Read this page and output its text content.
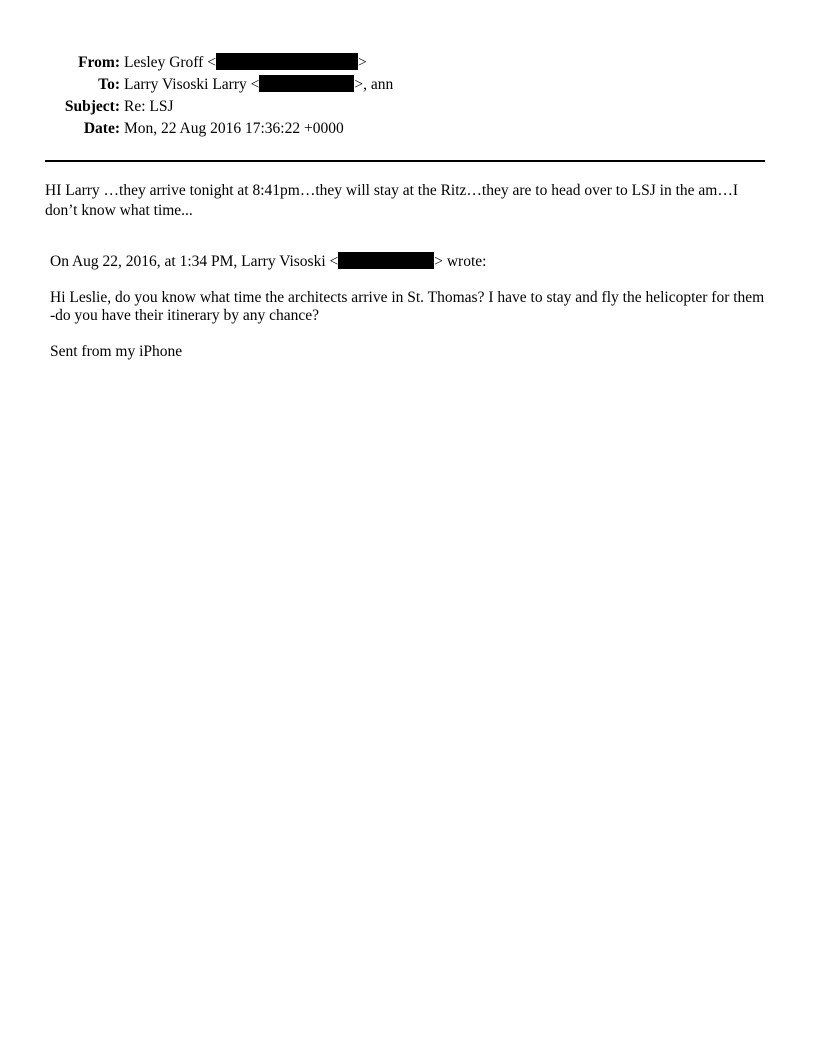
From:	Lesley Groff < >
To:	Larry Visoski Larry < >, ann
Subject:	Re: LSJ
Date:	Mon, 22 Aug 2016 17:36:22 +0000

HI Larry …they arrive tonight at 8:41pm…they will stay at the Ritz…they are to head over to LSJ in the am…I don’t know what time...

On Aug 22, 2016, at 1:34 PM, Larry Visoski <	> wrote:

Hi Leslie, do you know what time the architects arrive in St. Thomas? I have to stay and fly the helicopter for them

-do you have their itinerary by any chance?

Sent from my iPhone
